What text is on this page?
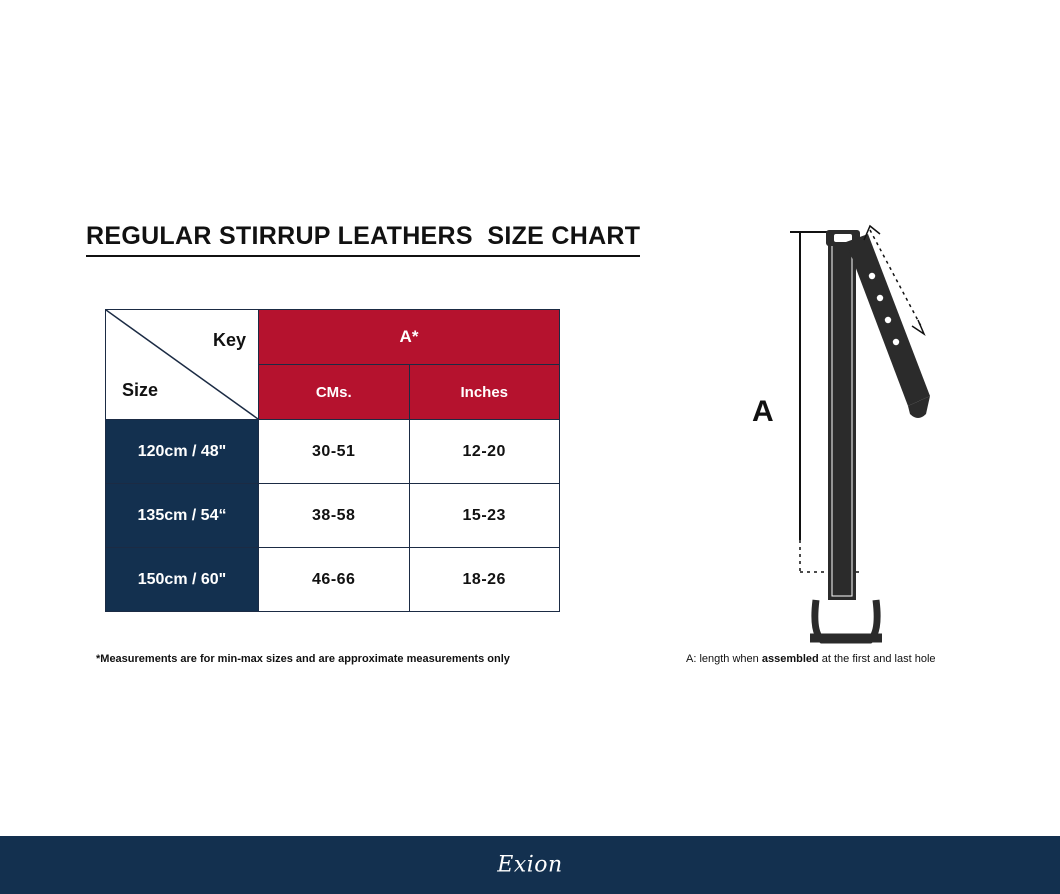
REGULAR STIRRUP LEATHERS  SIZE CHART
Key
Size	A*	
	CMs.	Inches
120cm / 48"	30-51	12-20
135cm / 54“	38-58	15-23
150cm / 60"	46-66	18-26
*Measurements are for min-max sizes and are approximate measurements only	A: length when assembled at the first and last hole
A
Exion
